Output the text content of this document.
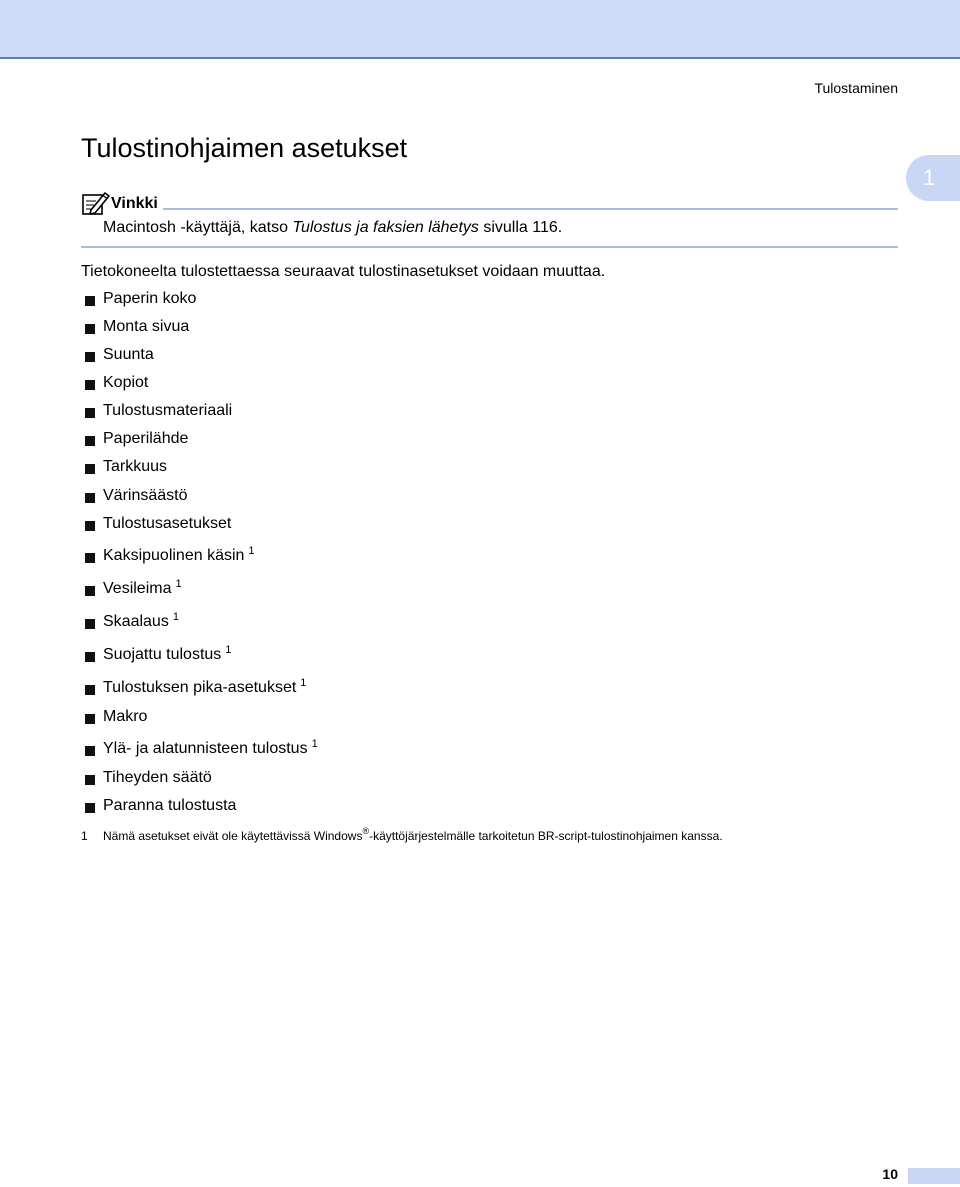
Tulostaminen
1
Tulostinohjaimen asetukset
Vinkki
Macintosh -käyttäjä, katso Tulostus ja faksien lähetys sivulla 116.
Tietokoneelta tulostettaessa seuraavat tulostinasetukset voidaan muuttaa.
Paperin koko
Monta sivua
Suunta
Kopiot
Tulostusmateriaali
Paperilähde
Tarkkuus
Värinsäästö
Tulostusasetukset
Kaksipuolinen käsin $^1$
Vesileima $^1$
Skaalaus $^1$
Suojattu tulostus $^1$
Tulostuksen pika-asetukset $^1$
Makro
Ylä- ja alatunnisteen tulostus $^1$
Tiheyden säätö
Paranna tulostusta
1 Nämä asetukset eivät ole käytettävissä Windows®-käyttöjärjestelmälle tarkoitetun BR-script-tulostinohjaimen kanssa.
10
